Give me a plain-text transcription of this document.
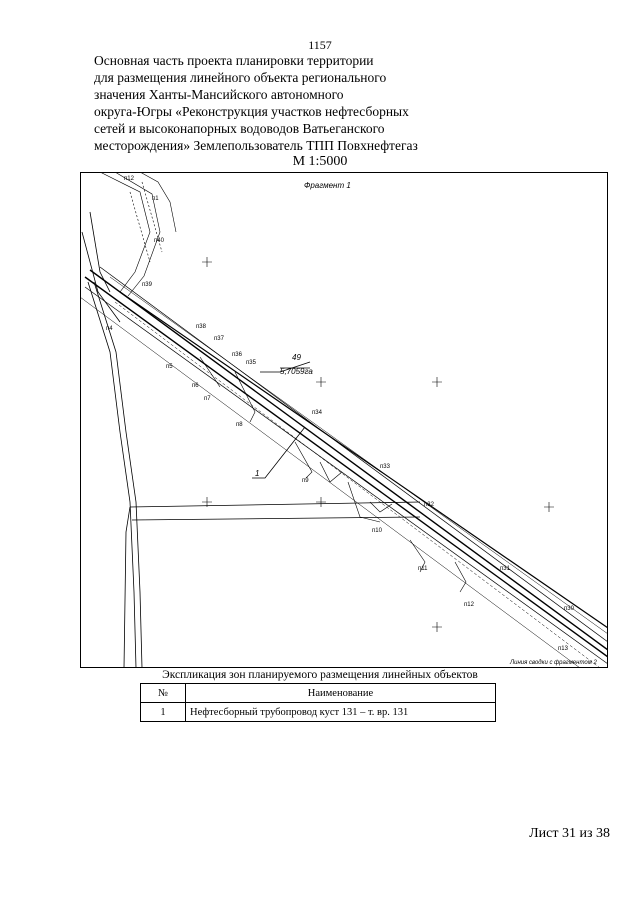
1157
Основная часть проекта планировки территории
для размещения линейного объекта регионального
значения Ханты-Мансийского автономного
округа-Югры «Реконструкция участков нефтесборных
сетей и высоконапорных водоводов Ватьеганского
месторождения» Землепользователь ТПП Повхнефтегаз
М 1:5000
Фрагмент 1
49
5,7059га
1
Линия сводки с фрагментом 2
п12
п40
п39
п4
п5
п6
п7
п8
п9
п10
п11
п12
п13
п30
п31
п32
п33
п34
п35
п36
п37
п38
п1
Экспликация зон планируемого размещения линейных объектов
№	Наименование
1	Нефтесборный трубопровод куст 131 – т. вр. 131
Лист 31 из 38
